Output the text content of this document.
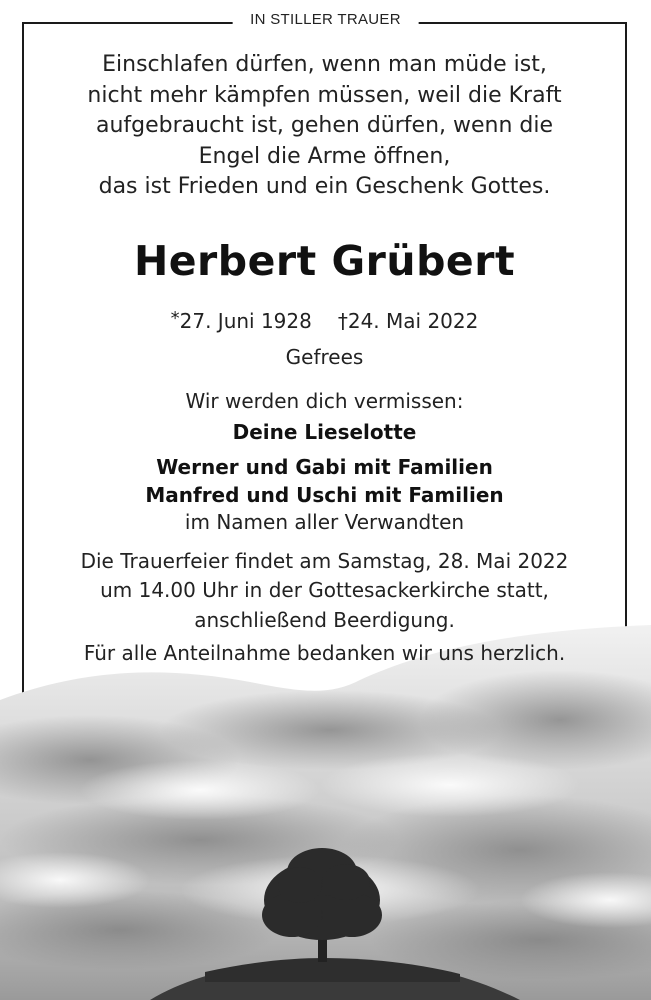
IN STILLER TRAUER
Einschlafen dürfen, wenn man müde ist,
nicht mehr kämpfen müssen, weil die Kraft
aufgebraucht ist, gehen dürfen, wenn die
Engel die Arme öffnen,
das ist Frieden und ein Geschenk Gottes.
Herbert Grübert
*27. Juni 1928 †24. Mai 2022
Gefrees
Wir werden dich vermissen:
Deine Lieselotte
Werner und Gabi mit Familien
Manfred und Uschi mit Familien
im Namen aller Verwandten
Die Trauerfeier findet am Samstag, 28. Mai 2022
um 14.00 Uhr in der Gottesackerkirche statt,
anschließend Beerdigung.
Für alle Anteilnahme bedanken wir uns herzlich.
